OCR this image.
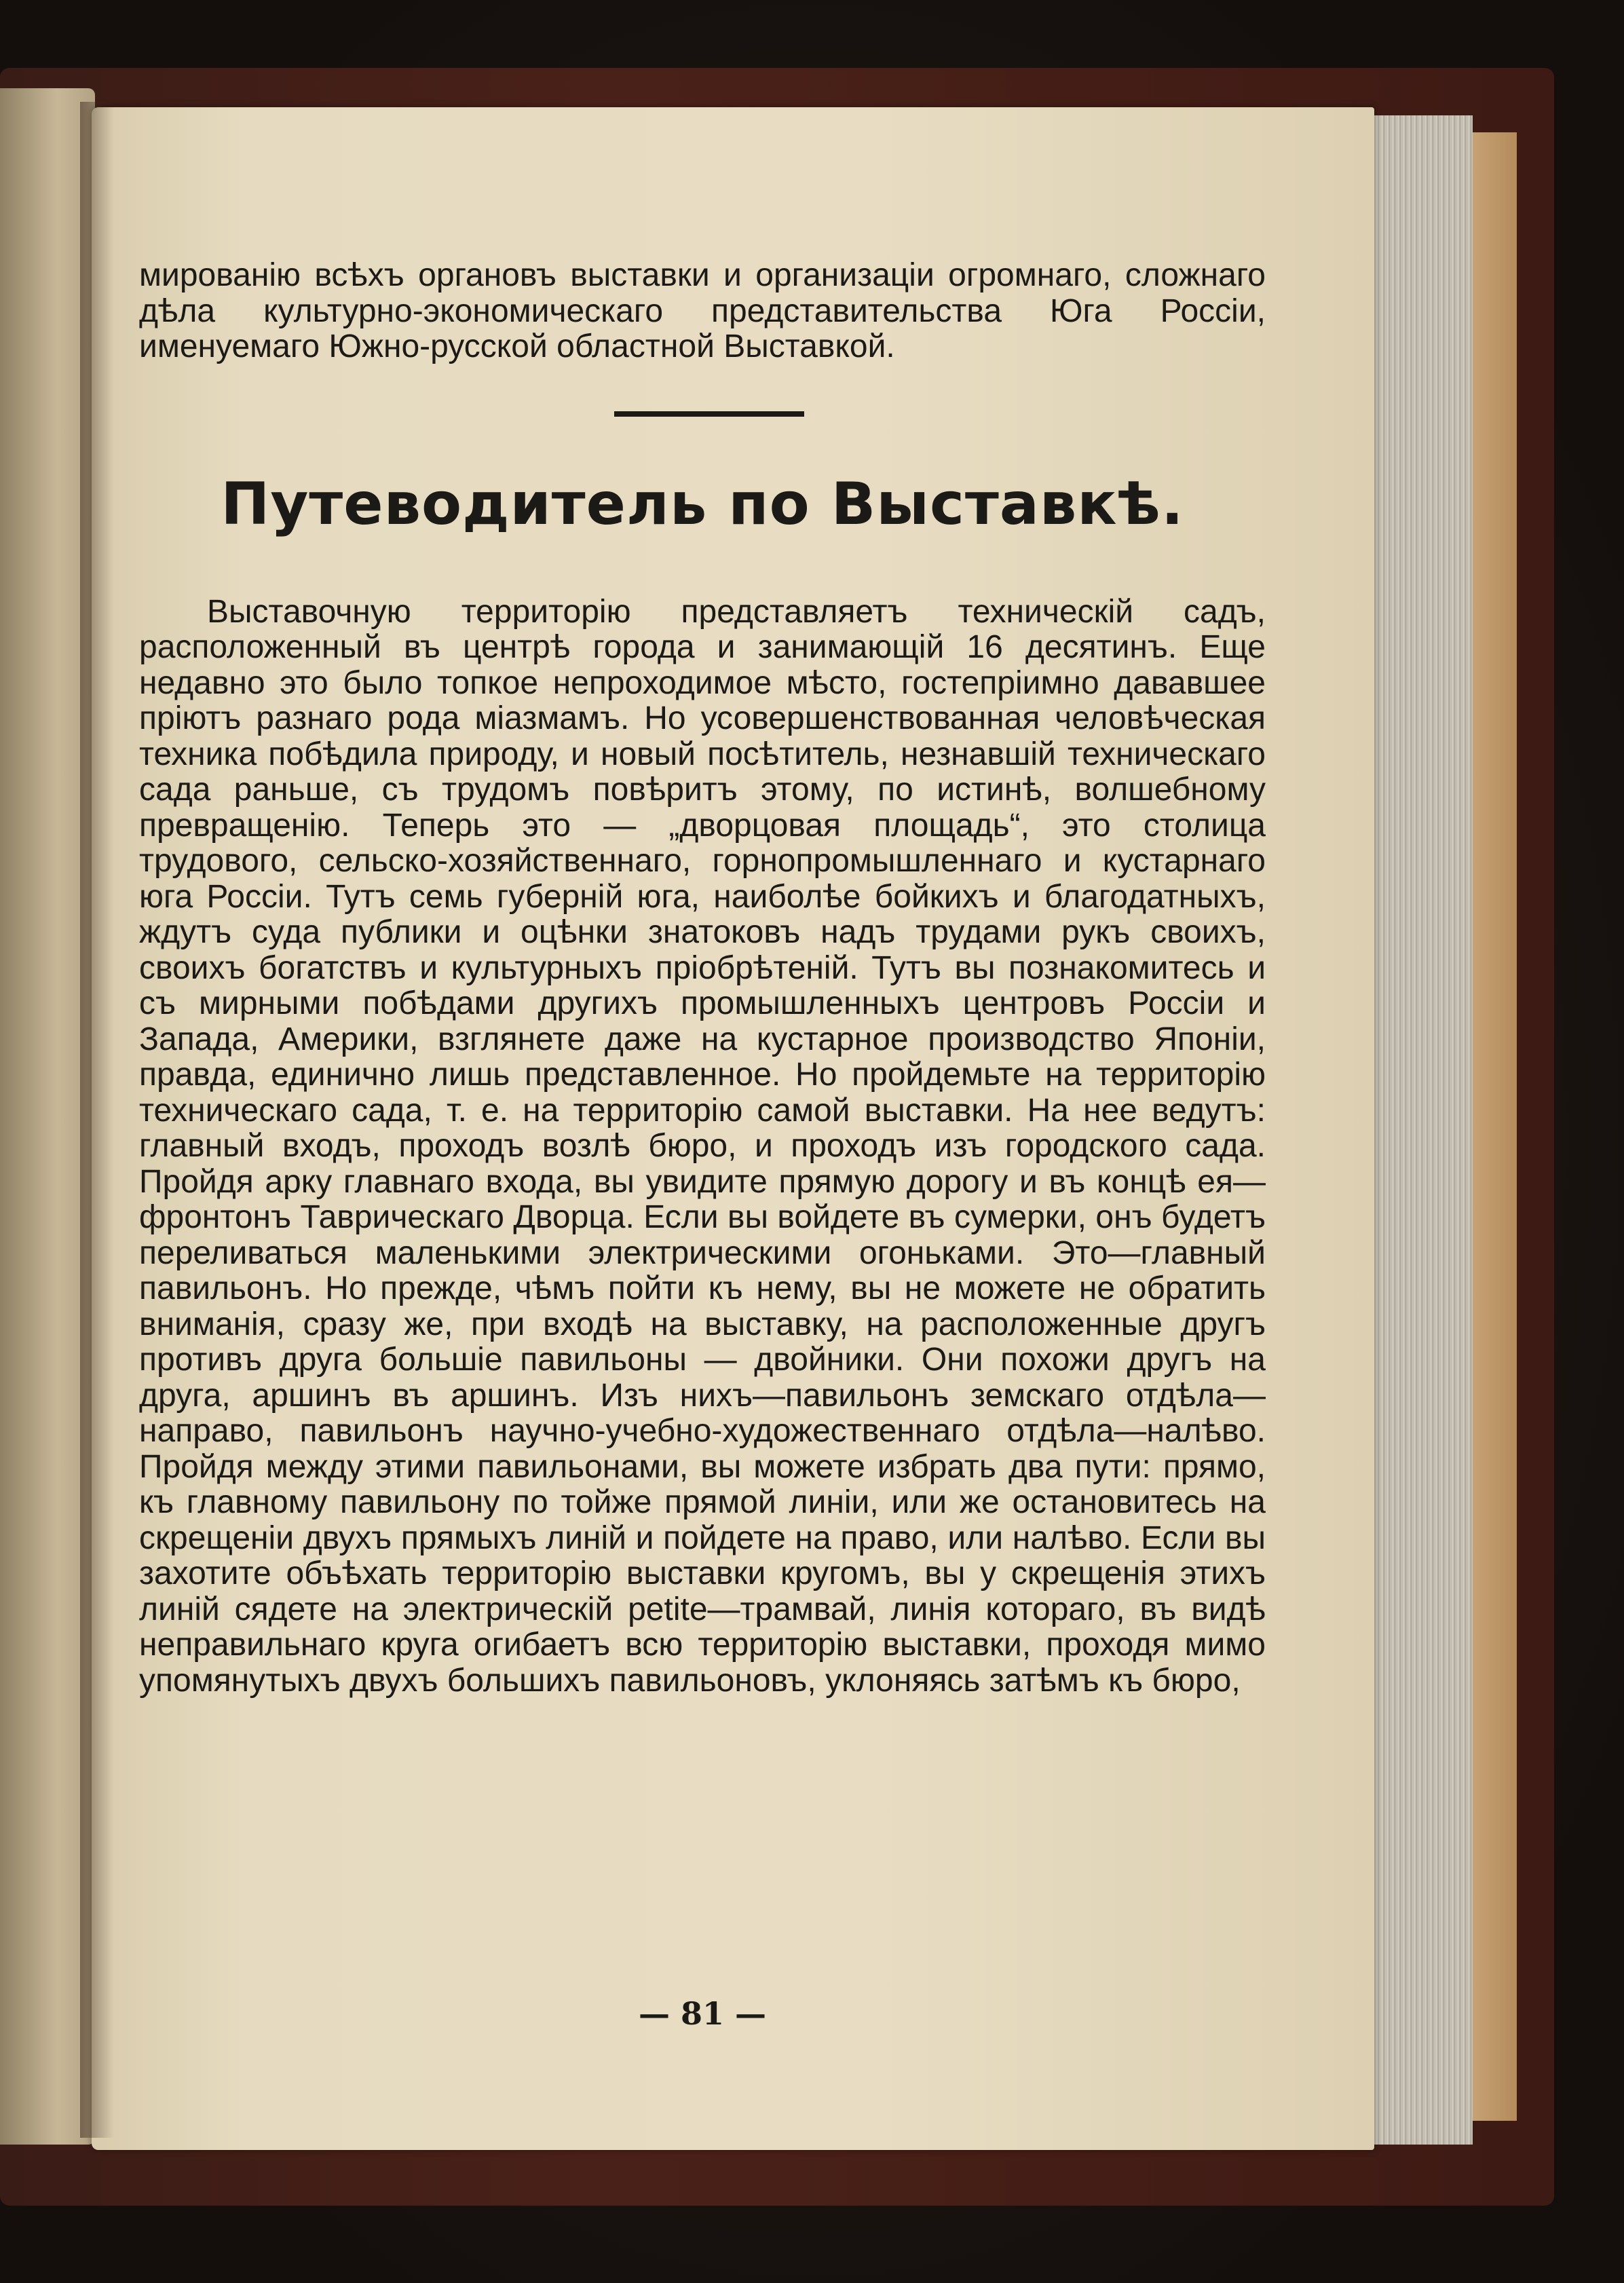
мированію всѣхъ органовъ выставки и организаціи огромнаго, сложнаго дѣла культурно-экономическаго представительства Юга Россіи, именуемаго Южно-русской областной Выставкой.

Путеводитель по Выставкѣ.

Выставочную территорію представляетъ техническій садъ, расположенный въ центрѣ города и занимающій 16 десятинъ. Еще недавно это было топкое непроходимое мѣсто, гостепріимно дававшее пріютъ разнаго рода міазмамъ. Но усовершенствованная человѣческая техника побѣдила природу, и новый посѣтитель, незнавшій техническаго сада раньше, съ трудомъ повѣритъ этому, по истинѣ, волшебному превращенію. Теперь это — „дворцовая площадь“, это столица трудового, сельско-хозяйственнаго, горнопромышленнаго и кустарнаго юга Россіи. Тутъ семь губерній юга, наиболѣе бойкихъ и благодатныхъ, ждутъ суда публики и оцѣнки знатоковъ надъ трудами рукъ своихъ, своихъ богатствъ и культурныхъ пріобрѣтеній. Тутъ вы познакомитесь и съ мирными побѣдами другихъ промышленныхъ центровъ Россіи и Запада, Америки, взглянете даже на кустарное производство Японіи, правда, единично лишь представленное. Но пройдемьте на территорію техническаго сада, т. е. на территорію самой выставки. На нее ведутъ: главный входъ, проходъ возлѣ бюро, и проходъ изъ городского сада. Пройдя арку главнаго входа, вы увидите прямую дорогу и въ концѣ ея—фронтонъ Таврическаго Дворца. Если вы войдете въ сумерки, онъ будетъ переливаться маленькими электрическими огоньками. Это—главный павильонъ. Но прежде, чѣмъ пойти къ нему, вы не можете не обратить вниманія, сразу же, при входѣ на выставку, на расположенные другъ противъ друга большіе павильоны — двойники. Они похожи другъ на друга, аршинъ въ аршинъ. Изъ нихъ—павильонъ земскаго отдѣла—направо, павильонъ научно-учебно-художественнаго отдѣла—налѣво. Пройдя между этими павильонами, вы можете избрать два пути: прямо, къ главному павильону по тойже прямой линіи, или же остановитесь на скрещеніи двухъ прямыхъ линій и пойдете на право, или налѣво. Если вы захотите объѣхать территорію выставки кругомъ, вы у скрещенія этихъ линій сядете на электрическій petite—трамвай, линія котораго, въ видѣ неправильнаго круга огибаетъ всю территорію выставки, проходя мимо упомянутыхъ двухъ большихъ павильоновъ, уклоняясь затѣмъ къ бюро,

— 81 —
